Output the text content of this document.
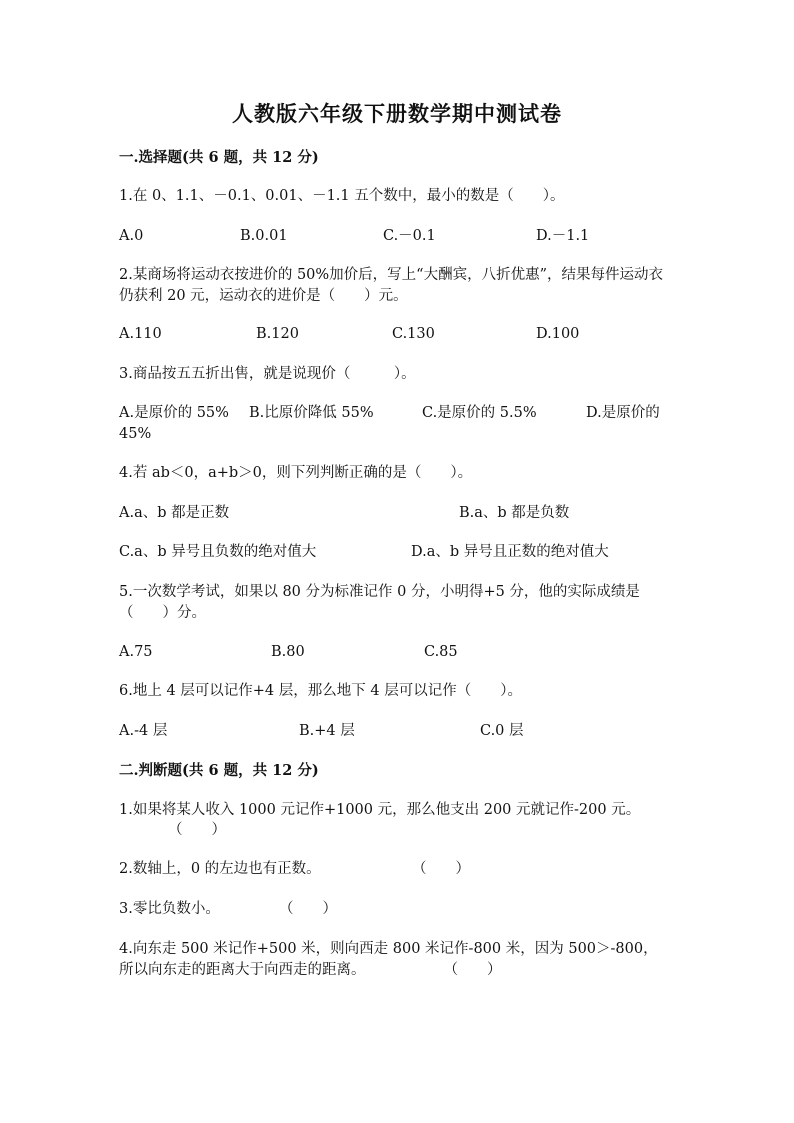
人教版六年级下册数学期中测试卷
一.选择题(共 6 题，共 12 分)
1.在 0、1.1、－0.1、0.01、－1.1 五个数中，最小的数是（　　）。
A.0	B.0.01	C.－0.1	D.－1.1
2.某商场将运动衣按进价的 50%加价后，写上“大酬宾，八折优惠”，结果每件运动衣仍获利 20 元，运动衣的进价是（　　）元。
A.110	B.120	C.130	D.100
3.商品按五五折出售，就是说现价（　　　）。
A.是原价的 55% B.比原价降低 55%	C.是原价的 5.5%	D.是原价的 45%
4.若 ab＜0，a+b＞0，则下列判断正确的是（　　）。
A.a、b 都是正数	B.a、b 都是负数
C.a、b 异号且负数的绝对值大	D.a、b 异号且正数的绝对值大
5.一次数学考试，如果以 80 分为标准记作 0 分，小明得+5 分，他的实际成绩是（　　）分。
A.75	B.80	C.85
6.地上 4 层可以记作+4 层，那么地下 4 层可以记作（　　）。
A.-4 层	B.+4 层	C.0 层
二.判断题(共 6 题，共 12 分)
1.如果将某人收入 1000 元记作+1000 元，那么他支出 200 元就记作-200 元。
（　　）
2.数轴上，0 的左边也有正数。	（　　）
3.零比负数小。	（　　）
4.向东走 500 米记作+500 米，则向西走 800 米记作-800 米，因为 500＞-800，所以向东走的距离大于向西走的距离。	（　　）
